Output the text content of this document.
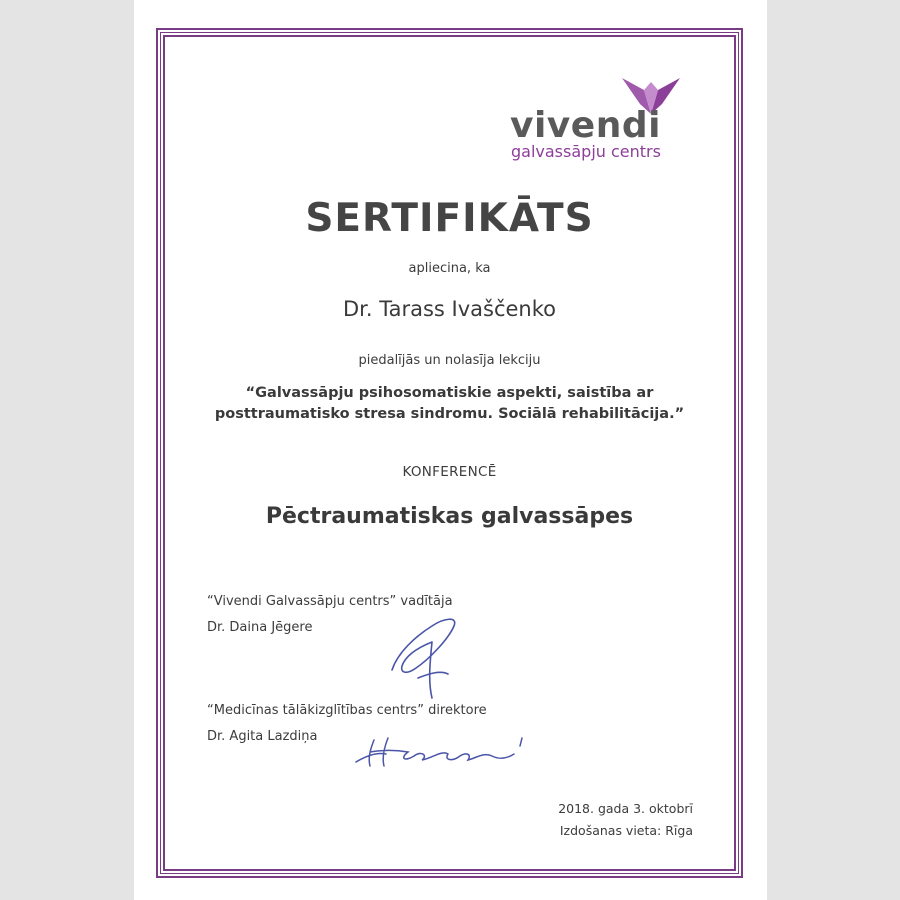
vivendi
galvassāpju centrs
SERTIFIKĀTS
apliecina, ka
Dr. Tarass Ivaščenko
piedalījās un nolasīja lekciju
“Galvassāpju psihosomatiskie aspekti, saistība ar
posttraumatisko stresa sindromu. Sociālā rehabilitācija.”
KONFERENCĒ
Pēctraumatiskas galvassāpes
“Vivendi Galvassāpju centrs” vadītāja
Dr. Daina Jēgere
“Medicīnas tālākizglītības centrs” direktore
Dr. Agita Lazdiņa
2018. gada 3. oktobrī
Izdošanas vieta: Rīga
